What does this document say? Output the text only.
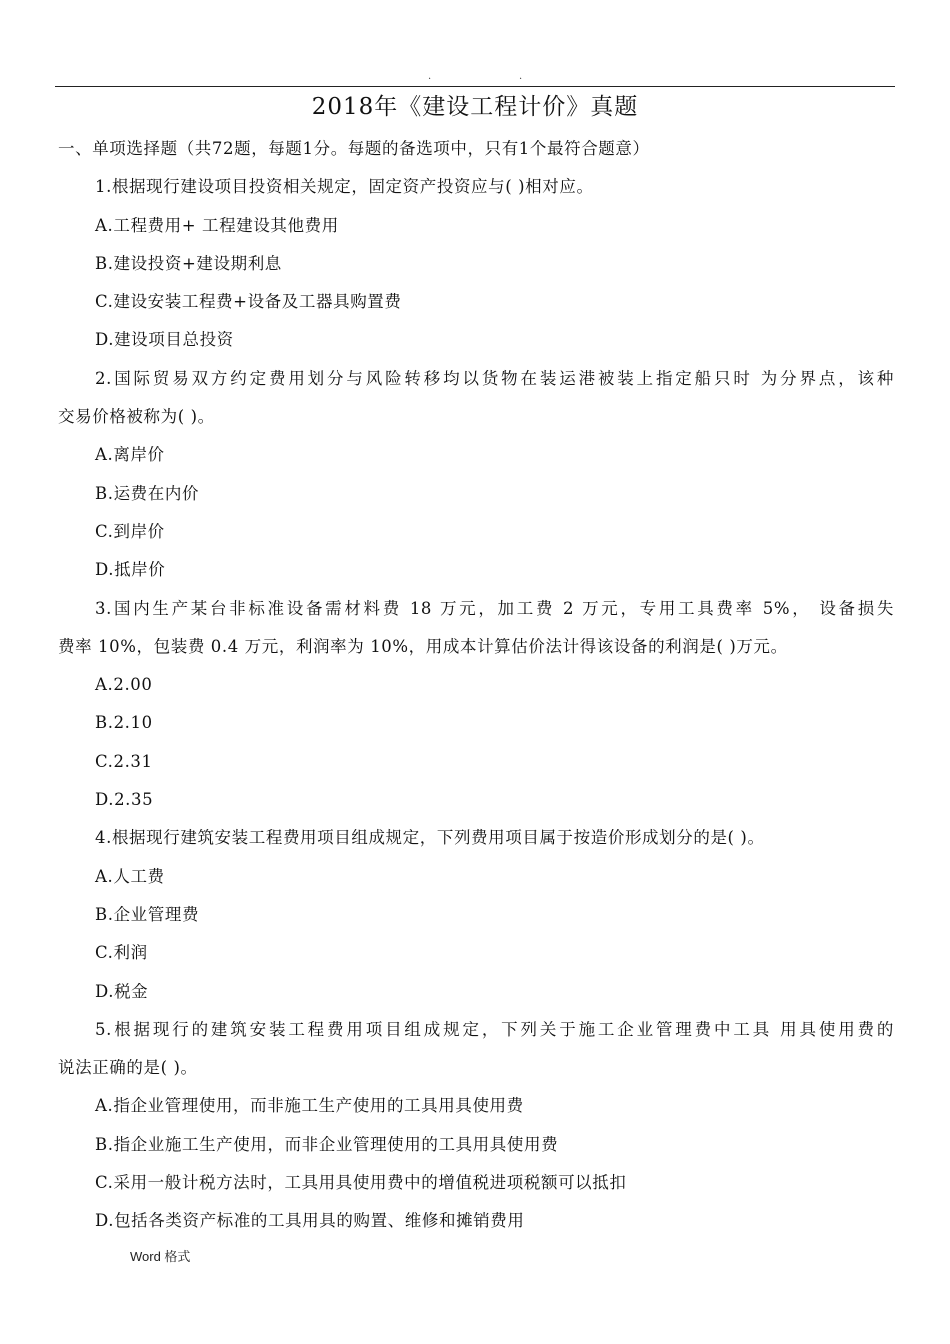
.	.
2018年《建设工程计价》真题
一、单项选择题（共72题，每题1分。每题的备选项中，只有1个最符合题意）
1.根据现行建设项目投资相关规定，固定资产投资应与( )相对应。
A.工程费用+ 工程建设其他费用
B.建设投资+建设期利息
C.建设安装工程费+设备及工器具购置费
D.建设项目总投资
2.国际贸易双方约定费用划分与风险转移均以货物在装运港被装上指定船只时 为分界点，该种
交易价格被称为( )。
A.离岸价
B.运费在内价
C.到岸价
D.抵岸价
3.国内生产某台非标准设备需材料费 18 万元，加工费 2 万元，专用工具费率 5%， 设备损失
费率 10%，包装费 0.4 万元，利润率为 10%，用成本计算估价法计得该设备的利润是( )万元。
A.2.00
B.2.10
C.2.31
D.2.35
4.根据现行建筑安装工程费用项目组成规定，下列费用项目属于按造价形成划分的是( )。
A.人工费
B.企业管理费
C.利润
D.税金
5.根据现行的建筑安装工程费用项目组成规定，下列关于施工企业管理费中工具 用具使用费的
说法正确的是( )。
A.指企业管理使用，而非施工生产使用的工具用具使用费
B.指企业施工生产使用，而非企业管理使用的工具用具使用费
C.采用一般计税方法时，工具用具使用费中的增值税进项税额可以抵扣
D.包括各类资产标准的工具用具的购置、维修和摊销费用
Word 格式
